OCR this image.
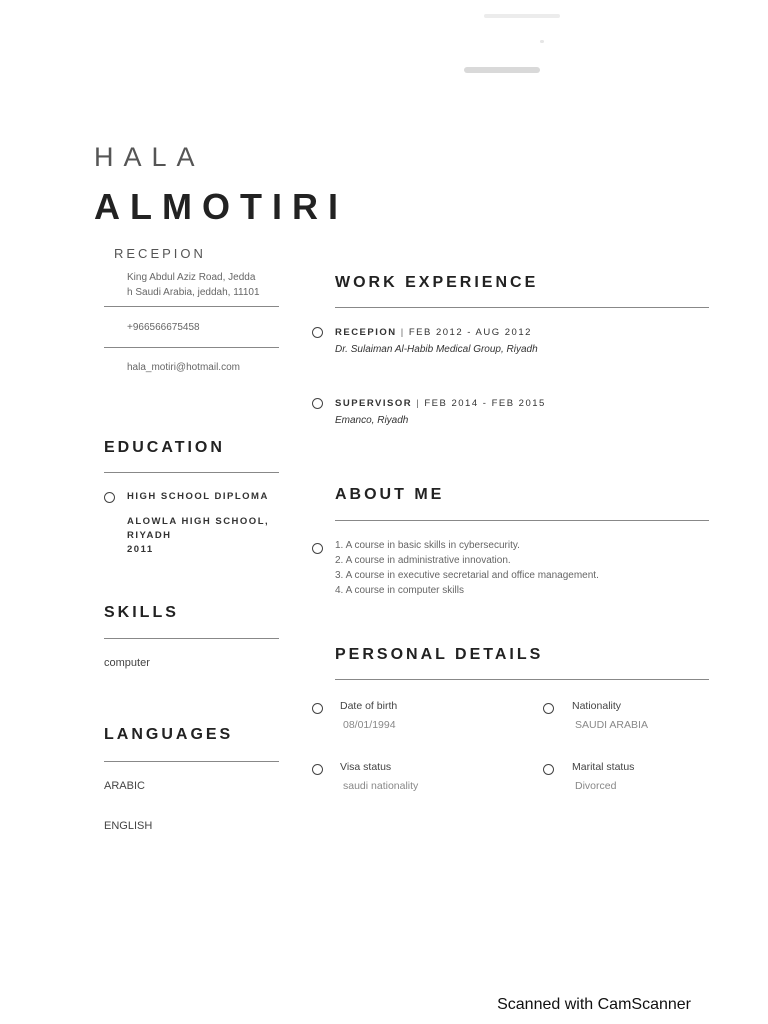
HALA
ALMOTIRI
RECEPION
King Abdul Aziz Road, Jedda
h Saudi Arabia, jeddah, 11101
+966566675458
hala_motiri@hotmail.com
EDUCATION
HIGH SCHOOL DIPLOMA
ALOWLA HIGH SCHOOL,
RIYADH
2011
SKILLS
computer
LANGUAGES
ARABIC
ENGLISH
WORK EXPERIENCE
RECEPION | FEB 2012 - AUG 2012
Dr. Sulaiman Al-Habib Medical Group, Riyadh
SUPERVISOR | FEB 2014 - FEB 2015
Emanco, Riyadh
ABOUT ME
1. A course in basic skills in cybersecurity.
2. A course in administrative innovation.
3. A course in executive secretarial and office management.
4. A course in computer skills
PERSONAL DETAILS
Date of birth
08/01/1994
Nationality
SAUDI ARABIA
Visa status
saudi nationality
Marital status
Divorced
Scanned with CamScanner
